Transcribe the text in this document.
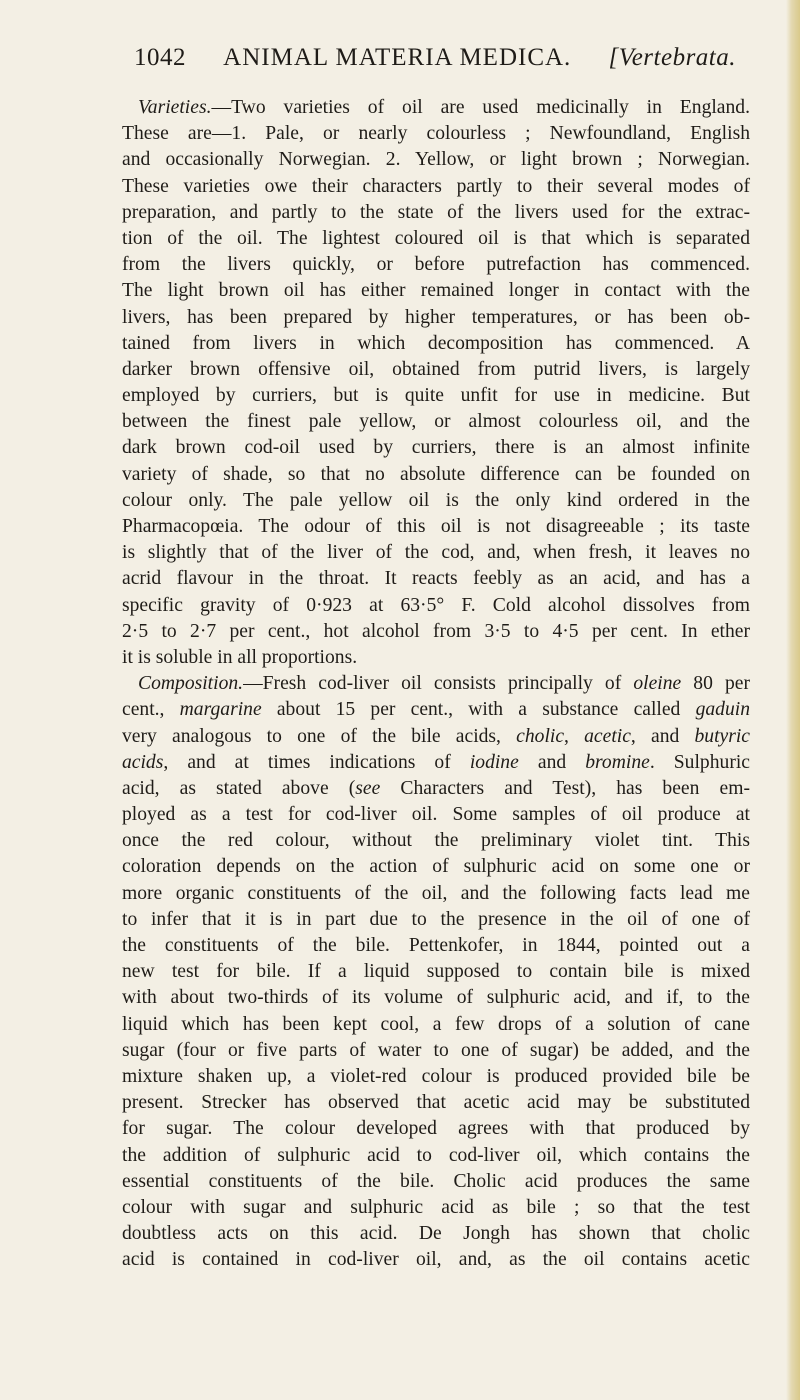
1042 ANIMAL MATERIA MEDICA. [Vertebrata.
Varieties.—Two varieties of oil are used medicinally in England.
These are—1. Pale, or nearly colourless ; Newfoundland, English
and occasionally Norwegian. 2. Yellow, or light brown ; Norwegian.
These varieties owe their characters partly to their several modes of
preparation, and partly to the state of the livers used for the extrac-
tion of the oil. The lightest coloured oil is that which is separated
from the livers quickly, or before putrefaction has commenced.
The light brown oil has either remained longer in contact with the
livers, has been prepared by higher temperatures, or has been ob-
tained from livers in which decomposition has commenced. A
darker brown offensive oil, obtained from putrid livers, is largely
employed by curriers, but is quite unfit for use in medicine. But
between the finest pale yellow, or almost colourless oil, and the
dark brown cod-oil used by curriers, there is an almost infinite
variety of shade, so that no absolute difference can be founded on
colour only. The pale yellow oil is the only kind ordered in the
Pharmacopœia. The odour of this oil is not disagreeable ; its taste
is slightly that of the liver of the cod, and, when fresh, it leaves no
acrid flavour in the throat. It reacts feebly as an acid, and has a
specific gravity of 0·923 at 63·5° F. Cold alcohol dissolves from
2·5 to 2·7 per cent., hot alcohol from 3·5 to 4·5 per cent. In ether
it is soluble in all proportions.
Composition.—Fresh cod-liver oil consists principally of oleine 80 per
cent., margarine about 15 per cent., with a substance called gaduin
very analogous to one of the bile acids, cholic, acetic, and butyric
acids, and at times indications of iodine and bromine. Sulphuric
acid, as stated above (see Characters and Test), has been em-
ployed as a test for cod-liver oil. Some samples of oil produce at
once the red colour, without the preliminary violet tint. This
coloration depends on the action of sulphuric acid on some one or
more organic constituents of the oil, and the following facts lead me
to infer that it is in part due to the presence in the oil of one of
the constituents of the bile. Pettenkofer, in 1844, pointed out a
new test for bile. If a liquid supposed to contain bile is mixed
with about two-thirds of its volume of sulphuric acid, and if, to the
liquid which has been kept cool, a few drops of a solution of cane
sugar (four or five parts of water to one of sugar) be added, and the
mixture shaken up, a violet-red colour is produced provided bile be
present. Strecker has observed that acetic acid may be substituted
for sugar. The colour developed agrees with that produced by
the addition of sulphuric acid to cod-liver oil, which contains the
essential constituents of the bile. Cholic acid produces the same
colour with sugar and sulphuric acid as bile ; so that the test
doubtless acts on this acid. De Jongh has shown that cholic
acid is contained in cod-liver oil, and, as the oil contains acetic
